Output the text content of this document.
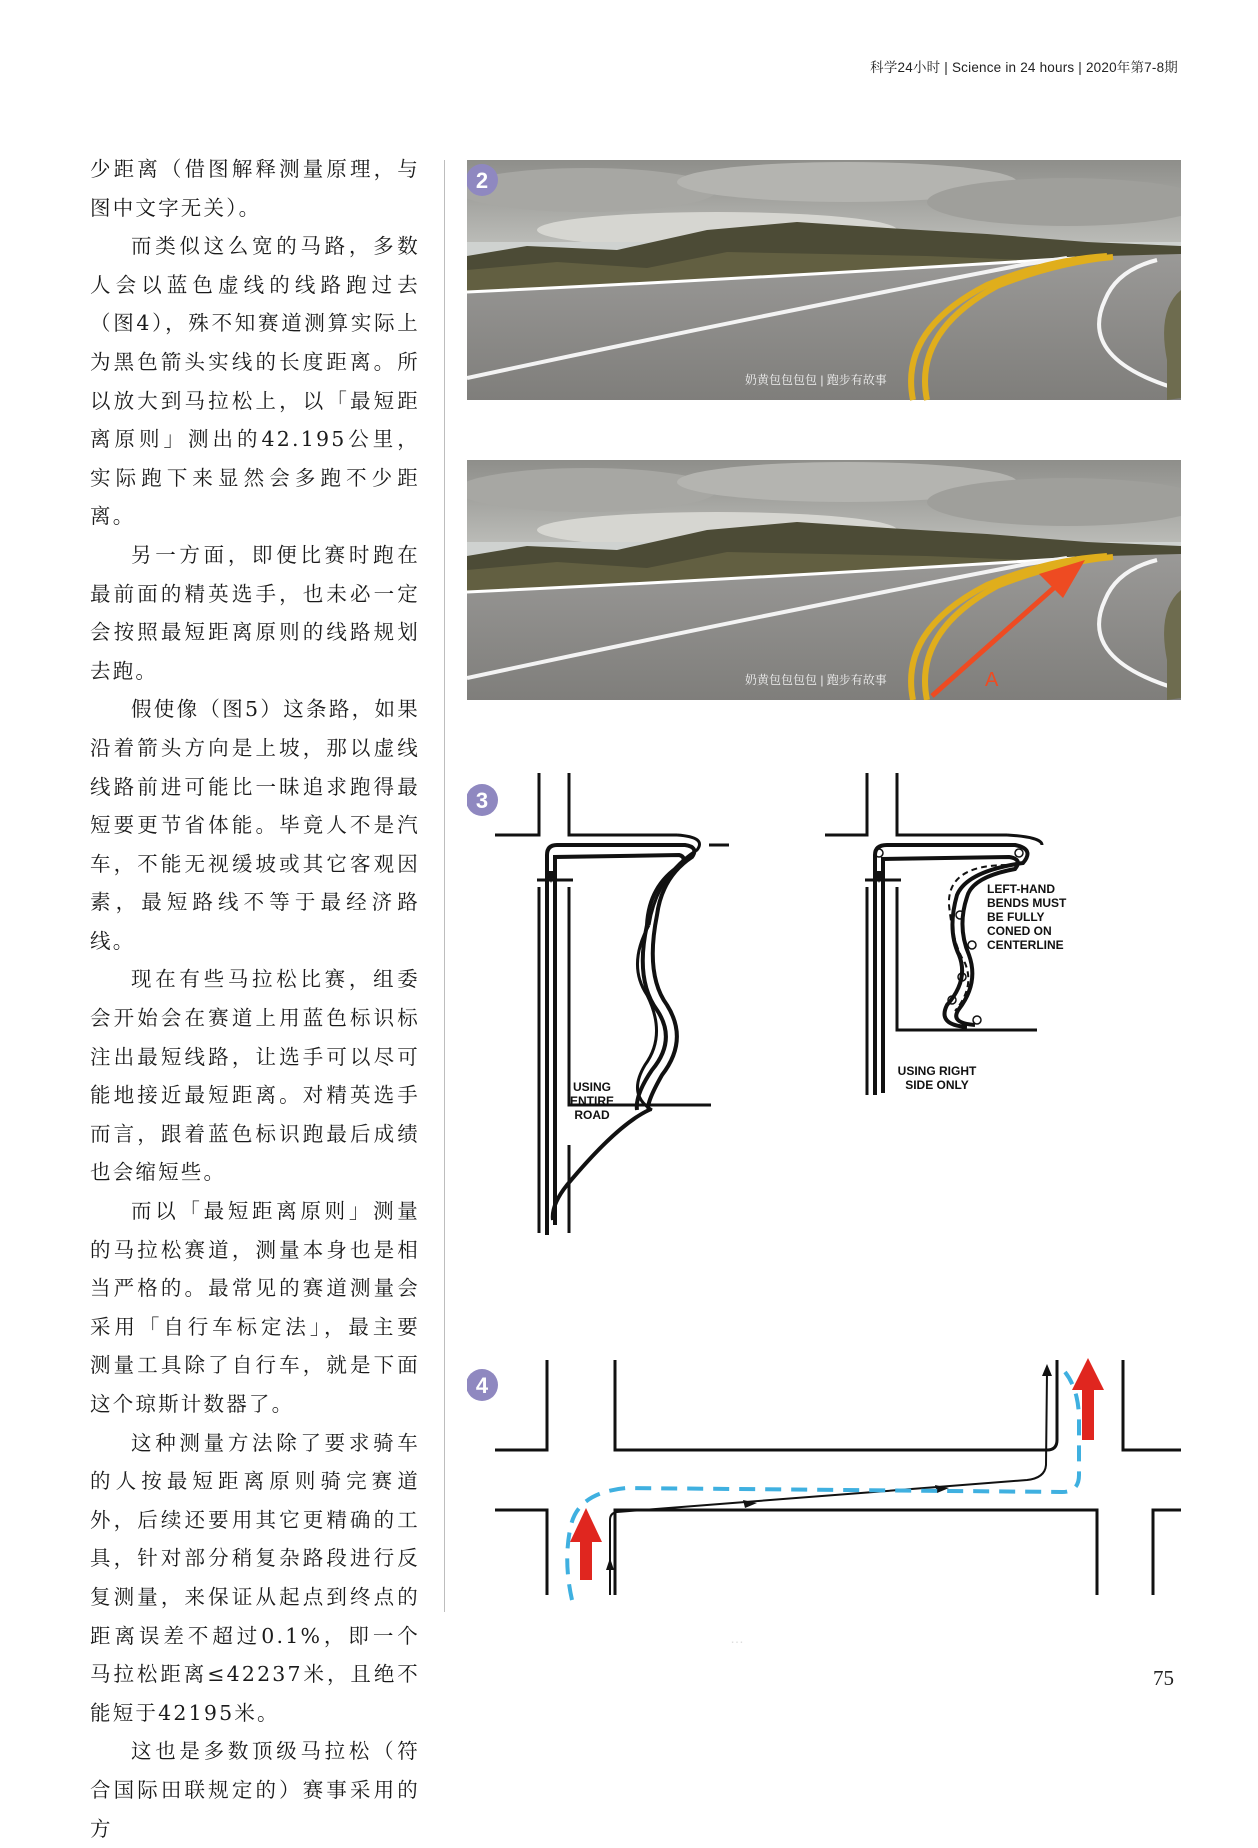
科学24小时 | Science in 24 hours | 2020年第7-8期

少距离（借图解释测量原理，与图中文字无关）。

而类似这么宽的马路，多数人会以蓝色虚线的线路跑过去（图4），殊不知赛道测算实际上为黑色箭头实线的长度距离。所以放大到马拉松上，以「最短距离原则」测出的42.195公里，实际跑下来显然会多跑不少距离。

另一方面，即便比赛时跑在最前面的精英选手，也未必一定会按照最短距离原则的线路规划去跑。

假使像（图5）这条路，如果沿着箭头方向是上坡，那以虚线线路前进可能比一昧追求跑得最短要更节省体能。毕竟人不是汽车，不能无视缓坡或其它客观因素，最短路线不等于最经济路线。

现在有些马拉松比赛，组委会开始会在赛道上用蓝色标识标注出最短线路，让选手可以尽可能地接近最短距离。对精英选手而言，跟着蓝色标识跑最后成绩也会缩短些。

而以「最短距离原则」测量的马拉松赛道，测量本身也是相当严格的。最常见的赛道测量会采用「自行车标定法」，最主要测量工具除了自行车，就是下面这个琼斯计数器了。

这种测量方法除了要求骑车的人按最短距离原则骑完赛道外，后续还要用其它更精确的工具，针对部分稍复杂路段进行反复测量，来保证从起点到终点的距离误差不超过0.1%，即一个马拉松距离≤42237米，且绝不能短于42195米。

这也是多数顶级马拉松（符合国际田联规定的）赛事采用的方

奶黄包包包包 | 跑步有故事
2
A
奶黄包包包包 | 跑步有故事
3
USING
ENTIRE
ROAD
LEFT-HAND
BENDS MUST
BE FULLY
CONED ON
CENTERLINE
USING RIGHT
SIDE ONLY
4
…
75
